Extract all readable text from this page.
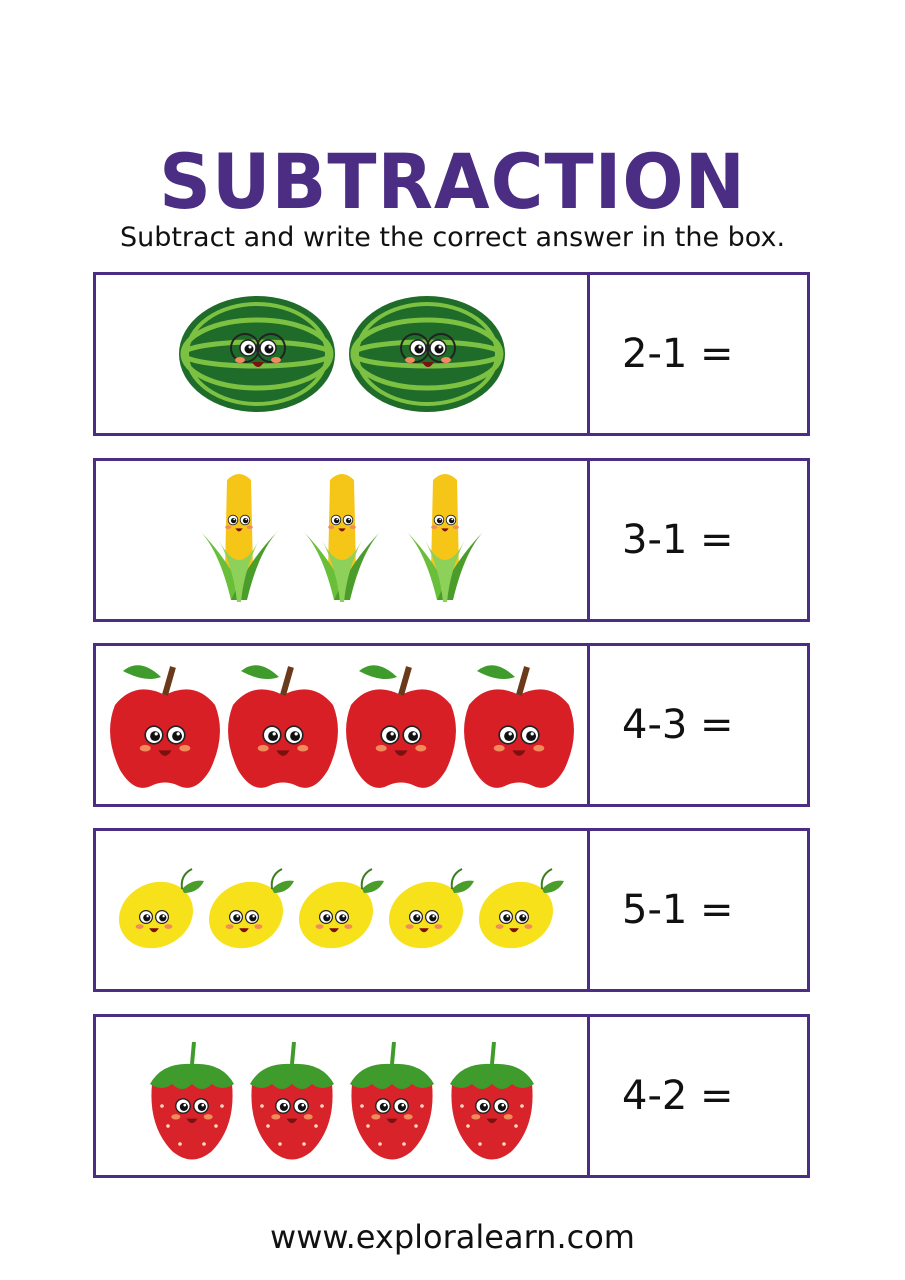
SUBTRACTION
Subtract and write the correct answer in the box.
2-1 =
3-1 =
4-3 =
5-1 =
4-2 =
www.exploralearn.com
